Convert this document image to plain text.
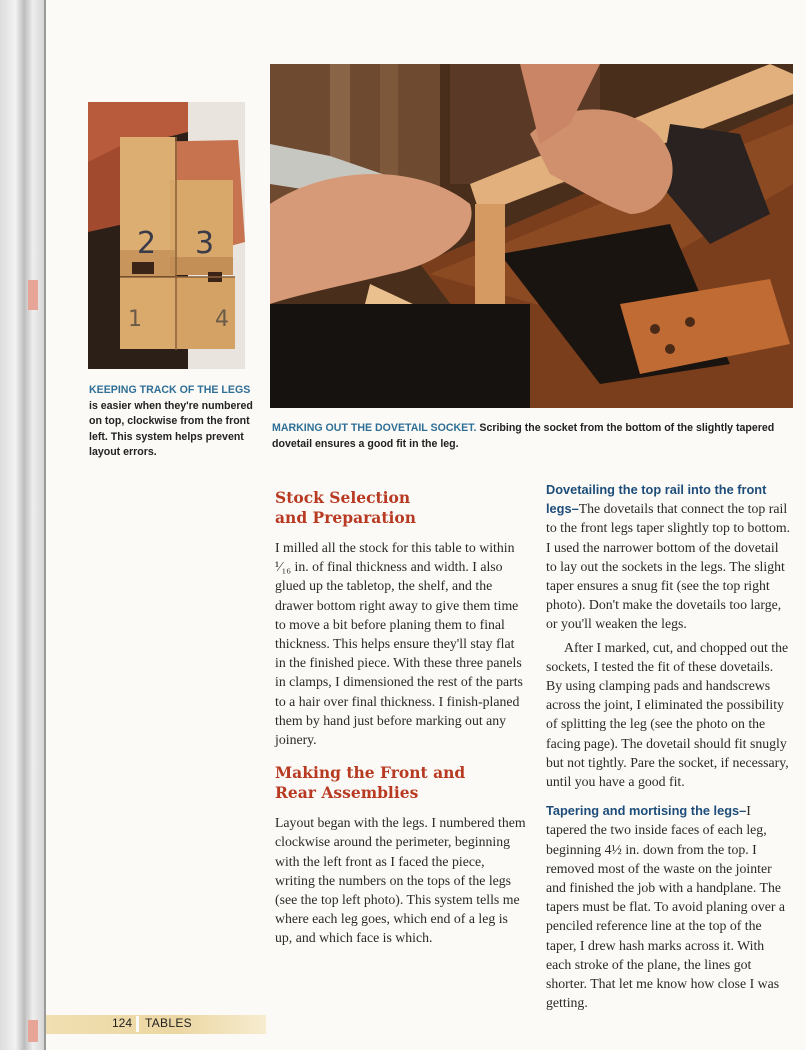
2 3
1	4
KEEPING TRACK OF THE LEGS
is easier when they're numbered on top, clockwise from the front left. This system helps prevent layout errors.
MARKING OUT THE DOVETAIL SOCKET. Scribing the socket from the bottom of the slightly tapered dovetail ensures a good fit in the leg.
Stock Selection and Preparation

I milled all the stock for this table to within ¹⁄₁₆ in. of final thickness and width. I also glued up the tabletop, the shelf, and the drawer bottom right away to give them time to move a bit before planing them to final thickness. This helps ensure they'll stay flat in the finished piece. With these three panels in clamps, I dimensioned the rest of the parts to a hair over final thickness. I finish-planed them by hand just before marking out any joinery.

Making the Front and Rear Assemblies

Layout began with the legs. I numbered them clockwise around the perimeter, beginning with the left front as I faced the piece, writing the numbers on the tops of the legs (see the top left photo). This system tells me where each leg goes, which end of a leg is up, and which face is which.

Dovetailing the top rail into the front legs–The dovetails that connect the top rail to the front legs taper slightly top to bottom. I used the narrower bottom of the dovetail to lay out the sockets in the legs. The slight taper ensures a snug fit (see the top right photo). Don't make the dovetails too large, or you'll weaken the legs.

After I marked, cut, and chopped out the sockets, I tested the fit of these dovetails. By using clamping pads and handscrews across the joint, I eliminated the possibility of splitting the leg (see the photo on the facing page). The dovetail should fit snugly but not tightly. Pare the socket, if necessary, until you have a good fit.

Tapering and mortising the legs–I tapered the two inside faces of each leg, beginning 4½ in. down from the top. I removed most of the waste on the jointer and finished the job with a handplane. The tapers must be flat. To avoid planing over a penciled reference line at the top of the taper, I drew hash marks across it. With each stroke of the plane, the lines got shorter. That let me know how close I was getting.

124 TABLES
